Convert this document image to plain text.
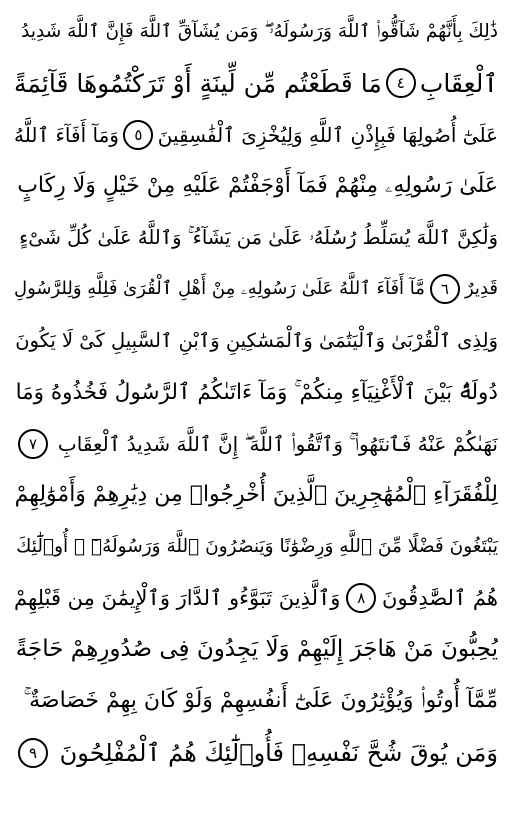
ذَٰلِكَ بِأَنَّهُمْ شَآقُّوا۟ ٱللَّهَ وَرَسُولَهُۥ ۖ وَمَن يُشَآقِّ ٱللَّهَ فَإِنَّ ٱللَّهَ شَدِيدُ
ٱلْعِقَابِ
٤
مَا قَطَعْتُم مِّن لِّينَةٍ أَوْ تَرَكْتُمُوهَا قَآئِمَةً
عَلَىٰٓ أُصُولِهَا فَبِإِذْنِ ٱللَّهِ وَلِيُخْزِىَ ٱلْفَٰسِقِينَ
٥
وَمَآ أَفَآءَ ٱللَّهُ
عَلَىٰ رَسُولِهِۦ مِنْهُمْ فَمَآ أَوْجَفْتُمْ عَلَيْهِ مِنْ خَيْلٍ وَلَا رِكَابٍ
وَلَٰكِنَّ ٱللَّهَ يُسَلِّطُ رُسُلَهُۥ عَلَىٰ مَن يَشَآءُ ۚ وَٱللَّهُ عَلَىٰ كُلِّ شَىْءٍ
قَدِيرٌ
٦
مَّآ أَفَآءَ ٱللَّهُ عَلَىٰ رَسُولِهِۦ مِنْ أَهْلِ ٱلْقُرَىٰ فَلِلَّهِ وَلِلرَّسُولِ
وَلِذِى ٱلْقُرْبَىٰ وَٱلْيَتَٰمَىٰ وَٱلْمَسَٰكِينِ وَٱبْنِ ٱلسَّبِيلِ كَىْ لَا يَكُونَ
دُولَةًۢ بَيْنَ ٱلْأَغْنِيَآءِ مِنكُمْ ۚ وَمَآ ءَاتَىٰكُمُ ٱلرَّسُولُ فَخُذُوهُ وَمَا
نَهَىٰكُمْ عَنْهُ فَٱنتَهُوا۟ ۚ وَٱتَّقُوا۟ ٱللَّهَ ۖ إِنَّ ٱللَّهَ شَدِيدُ ٱلْعِقَابِ
٧
لِلْفُقَرَآءِ ٱلْمُهَٰجِرِينَ ٱلَّذِينَ أُخْرِجُوا۟ مِن دِيَٰرِهِمْ وَأَمْوَٰلِهِمْ
يَبْتَغُونَ فَضْلًا مِّنَ ٱللَّهِ وَرِضْوَٰنًا وَيَنصُرُونَ ٱللَّهَ وَرَسُولَهُۥٓ ۚ أُو۟لَٰٓئِكَ
هُمُ ٱلصَّٰدِقُونَ
٨
وَٱلَّذِينَ تَبَوَّءُو ٱلدَّارَ وَٱلْإِيمَٰنَ مِن قَبْلِهِمْ
يُحِبُّونَ مَنْ هَاجَرَ إِلَيْهِمْ وَلَا يَجِدُونَ فِى صُدُورِهِمْ حَاجَةً
مِّمَّآ أُوتُوا۟ وَيُؤْثِرُونَ عَلَىٰٓ أَنفُسِهِمْ وَلَوْ كَانَ بِهِمْ خَصَاصَةٌ ۚ
وَمَن يُوقَ شُحَّ نَفْسِهِۦ فَأُو۟لَٰٓئِكَ هُمُ ٱلْمُفْلِحُونَ
٩
